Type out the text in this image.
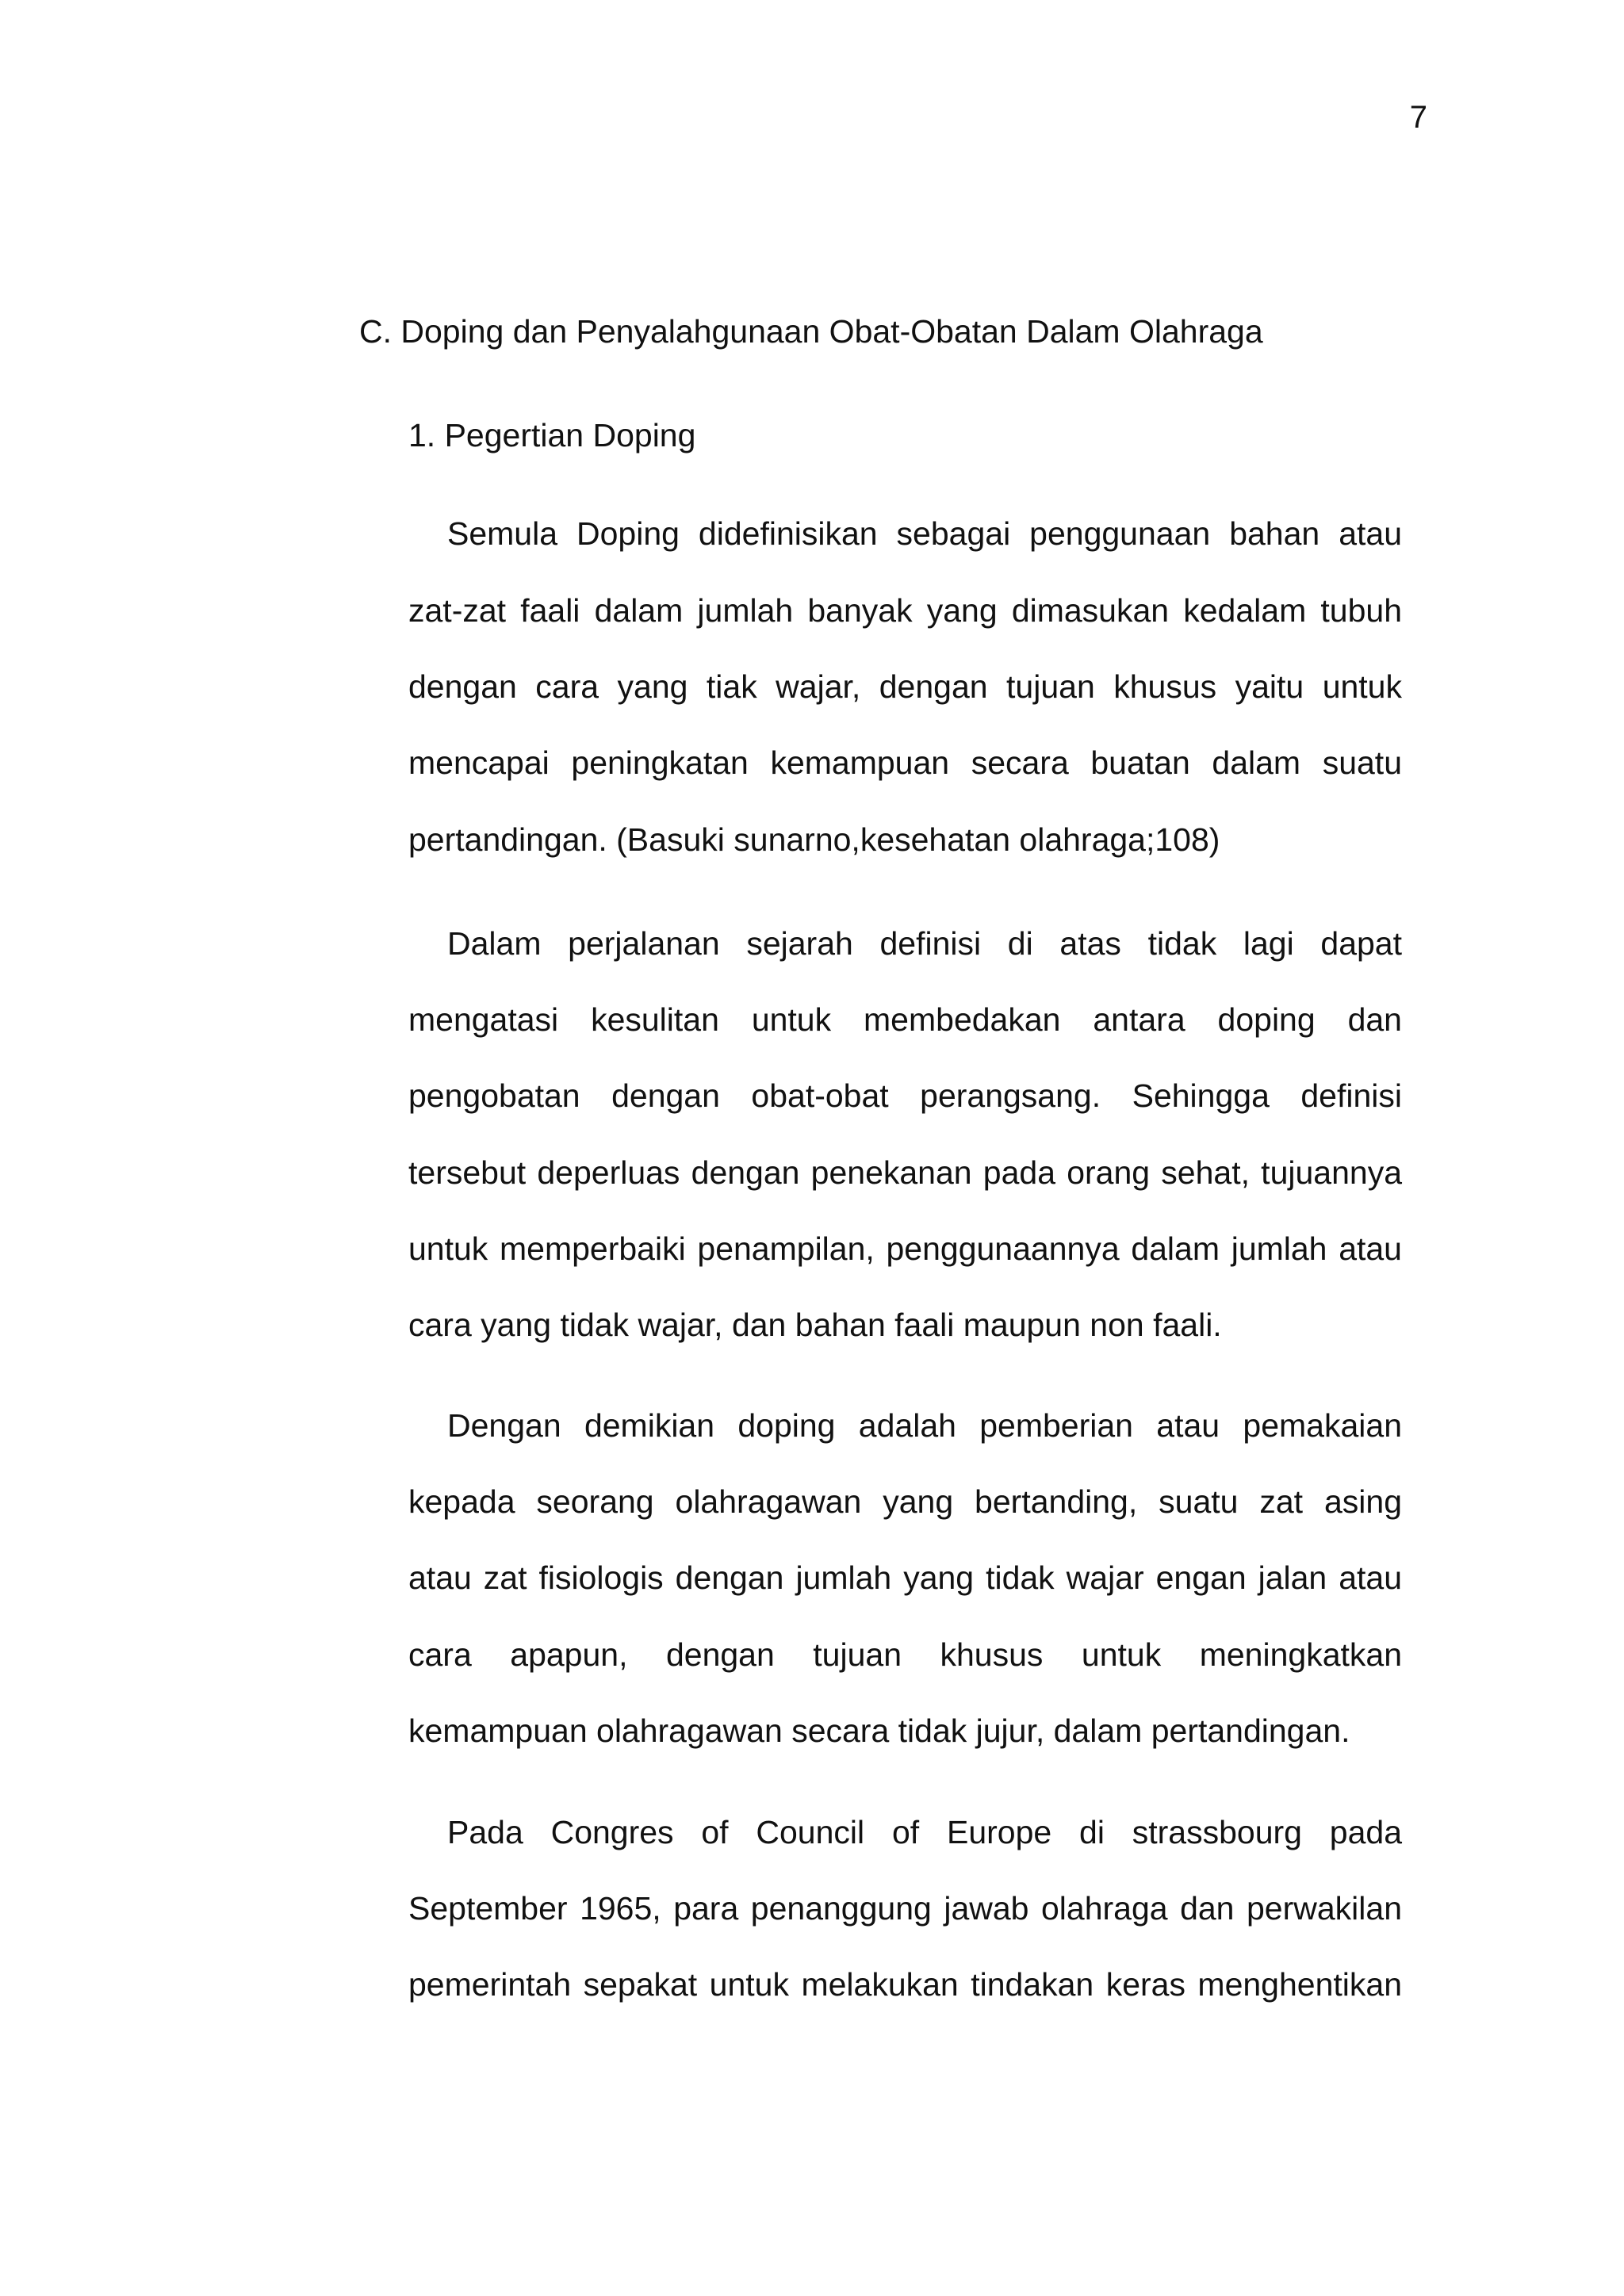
7
C. Doping dan Penyalahgunaan Obat-Obatan Dalam Olahraga
1. Pegertian Doping
Semula Doping didefinisikan sebagai penggunaan bahan atau
zat-zat faali dalam jumlah banyak yang dimasukan kedalam tubuh
dengan cara yang tiak wajar, dengan tujuan khusus yaitu untuk
mencapai peningkatan kemampuan secara buatan dalam suatu
pertandingan. (Basuki sunarno,kesehatan olahraga;108)
Dalam perjalanan sejarah definisi di atas tidak lagi dapat
mengatasi kesulitan untuk membedakan antara doping dan
pengobatan dengan obat-obat perangsang. Sehingga definisi
tersebut deperluas dengan penekanan pada orang sehat, tujuannya
untuk memperbaiki penampilan, penggunaannya dalam jumlah atau
cara yang tidak wajar, dan bahan faali maupun non faali.
Dengan demikian doping adalah pemberian atau pemakaian
kepada seorang olahragawan yang bertanding, suatu zat asing
atau zat fisiologis dengan jumlah yang tidak wajar engan jalan atau
cara apapun, dengan tujuan khusus untuk meningkatkan
kemampuan olahragawan secara tidak jujur, dalam pertandingan.
Pada Congres of Council of Europe di strassbourg pada
September 1965, para penanggung jawab olahraga dan perwakilan
pemerintah sepakat untuk melakukan tindakan keras menghentikan
